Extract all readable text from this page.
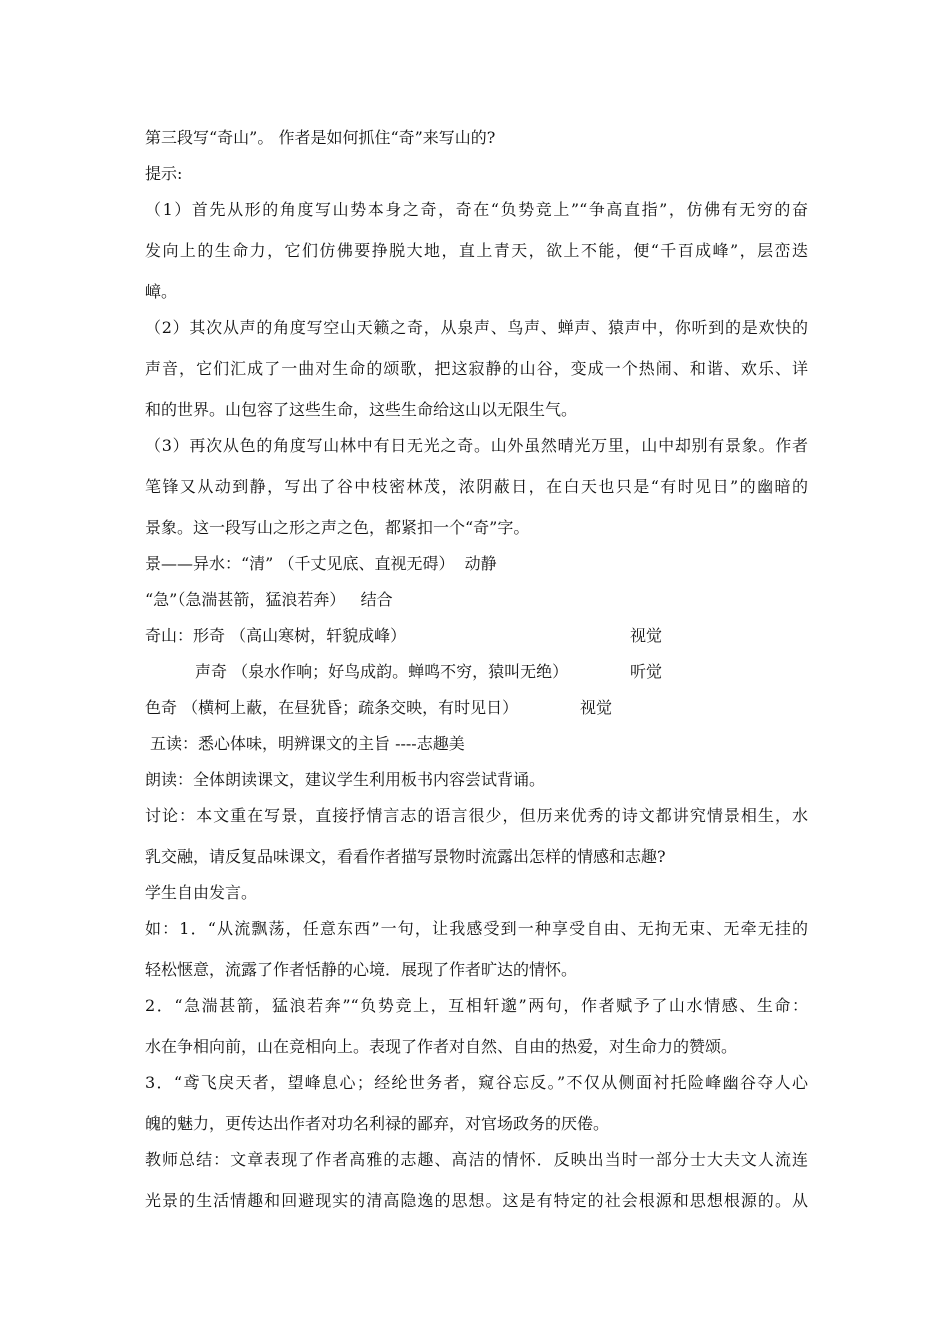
第三段写“奇山”。 作者是如何抓住“奇”来写山的?
提示:
（1）首先从形的角度写山势本身之奇，奇在“负势竞上”“争高直指”，仿佛有无穷的奋
发向上的生命力，它们仿佛要挣脱大地，直上青天，欲上不能，便“千百成峰”，层峦迭
嶂。
（2）其次从声的角度写空山天籁之奇，从泉声、鸟声、蝉声、猿声中，你听到的是欢快的
声音，它们汇成了一曲对生命的颂歌，把这寂静的山谷，变成一个热闹、和谐、欢乐、详
和的世界。山包容了这些生命，这些生命给这山以无限生气。
（3）再次从色的角度写山林中有日无光之奇。山外虽然晴光万里，山中却别有景象。作者
笔锋又从动到静，写出了谷中枝密林茂，浓阴蔽日，在白天也只是“有时见日”的幽暗的
景象。这一段写山之形之声之色，都紧扣一个“奇”字。
景——异水：“清” （千丈见底、直视无碍）  动静
“急”（急湍甚箭，猛浪若奔）   结合
奇山：形奇 （高山寒树，轩貌成峰）	视觉
声奇 （泉水作响；好鸟成韵。蝉鸣不穷，猿叫无绝）	听觉
色奇 （横柯上蔽，在昼犹昏；疏条交映，有时见日）	视觉
五读：悉心体味，明辨课文的主旨 ----志趣美
朗读：全体朗读课文，建议学生利用板书内容尝试背诵。
讨论：本文重在写景，直接抒情言志的语言很少，但历来优秀的诗文都讲究情景相生，水
乳交融，请反复品味课文，看看作者描写景物时流露出怎样的情感和志趣?
学生自由发言。
如：1．“从流飘荡，任意东西”一句，让我感受到一种享受自由、无拘无束、无牵无挂的
轻松惬意，流露了作者恬静的心境．展现了作者旷达的情怀。
2．“急湍甚箭，猛浪若奔”“负势竞上，互相轩邈”两句，作者赋予了山水情感、生命：
水在争相向前，山在竞相向上。表现了作者对自然、自由的热爱，对生命力的赞颂。
3．“鸢飞戾天者，望峰息心；经纶世务者，窥谷忘反。”不仅从侧面衬托险峰幽谷夺人心
魄的魅力，更传达出作者对功名利禄的鄙弃，对官场政务的厌倦。
教师总结：文章表现了作者高雅的志趣、高洁的情怀．反映出当时一部分士大夫文人流连
光景的生活情趣和回避现实的清高隐逸的思想。这是有特定的社会根源和思想根源的。从
